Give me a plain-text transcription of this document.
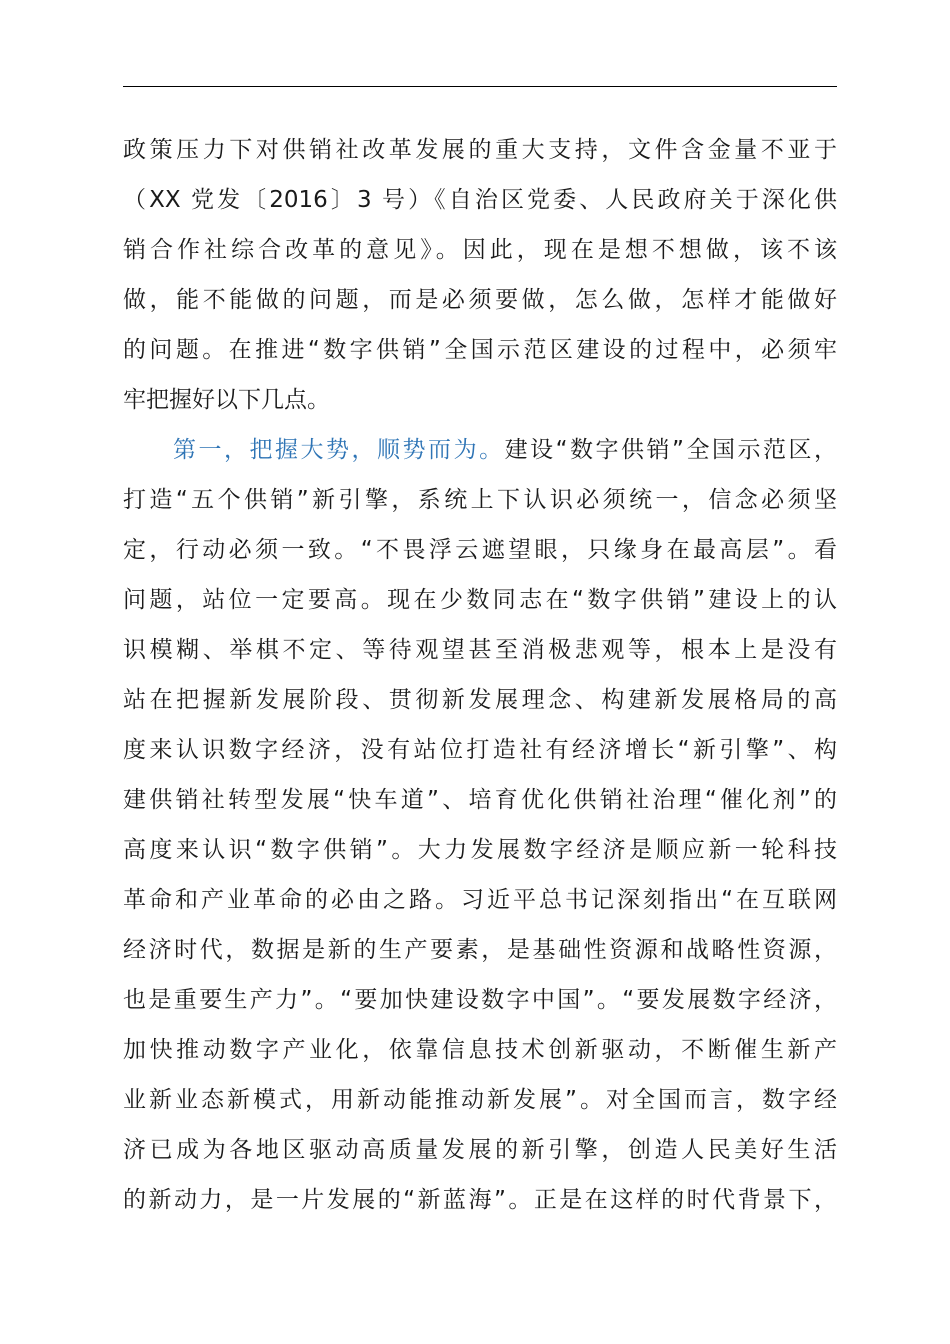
政策压力下对供销社改革发展的重大支持，文件含金量不亚于
（XX 党发〔2016〕3 号）《自治区党委、人民政府关于深化供
销合作社综合改革的意见》。因此，现在是想不想做，该不该
做，能不能做的问题，而是必须要做，怎么做，怎样才能做好
的问题。在推进“数字供销”全国示范区建设的过程中，必须牢
牢把握好以下几点。
第一，把握大势，顺势而为。建设“数字供销”全国示范区，
打造“五个供销”新引擎，系统上下认识必须统一，信念必须坚
定，行动必须一致。“不畏浮云遮望眼，只缘身在最高层”。看
问题，站位一定要高。现在少数同志在“数字供销”建设上的认
识模糊、举棋不定、等待观望甚至消极悲观等，根本上是没有
站在把握新发展阶段、贯彻新发展理念、构建新发展格局的高
度来认识数字经济，没有站位打造社有经济增长“新引擎”、构
建供销社转型发展“快车道”、培育优化供销社治理“催化剂”的
高度来认识“数字供销”。大力发展数字经济是顺应新一轮科技
革命和产业革命的必由之路。习近平总书记深刻指出“在互联网
经济时代，数据是新的生产要素，是基础性资源和战略性资源，
也是重要生产力”。“要加快建设数字中国”。“要发展数字经济，
加快推动数字产业化，依靠信息技术创新驱动，不断催生新产
业新业态新模式，用新动能推动新发展”。对全国而言，数字经
济已成为各地区驱动高质量发展的新引擎，创造人民美好生活
的新动力，是一片发展的“新蓝海”。正是在这样的时代背景下，
